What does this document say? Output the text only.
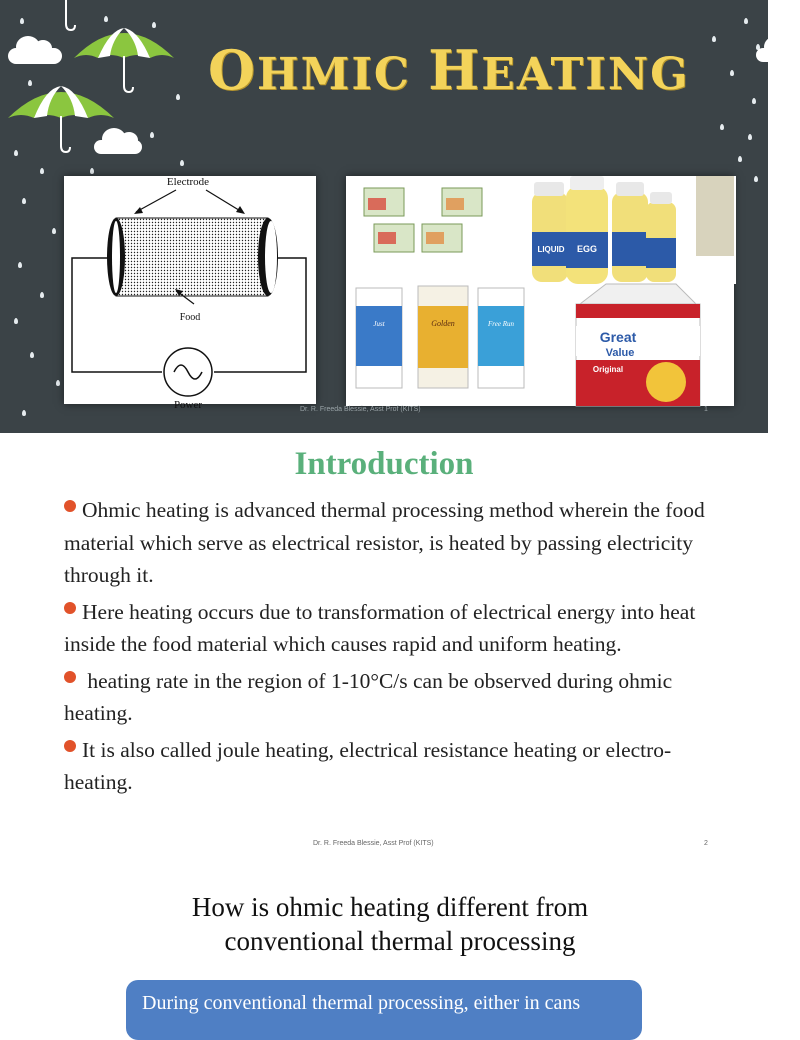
OHMIC HEATING
Electrode
Food
Power
LIQUID EGG
Just	Golden	Free Run
Great
Value
Original
Dr. R. Freeda Blessie, Asst Prof (KITS)	1
Introduction
Ohmic heating is advanced thermal processing method wherein the food material which serve as electrical resistor, is heated by passing electricity through it.
Here heating occurs due to transformation of electrical energy into heat inside the food material which causes rapid and uniform heating.
heating rate in the region of 1-10°C/s can be observed during ohmic heating.
It is also called joule heating, electrical resistance heating or electro-heating.
Dr. R. Freeda Blessie, Asst Prof (KITS)	2
How is ohmic heating different from
conventional thermal processing
During conventional thermal processing, either in cans
